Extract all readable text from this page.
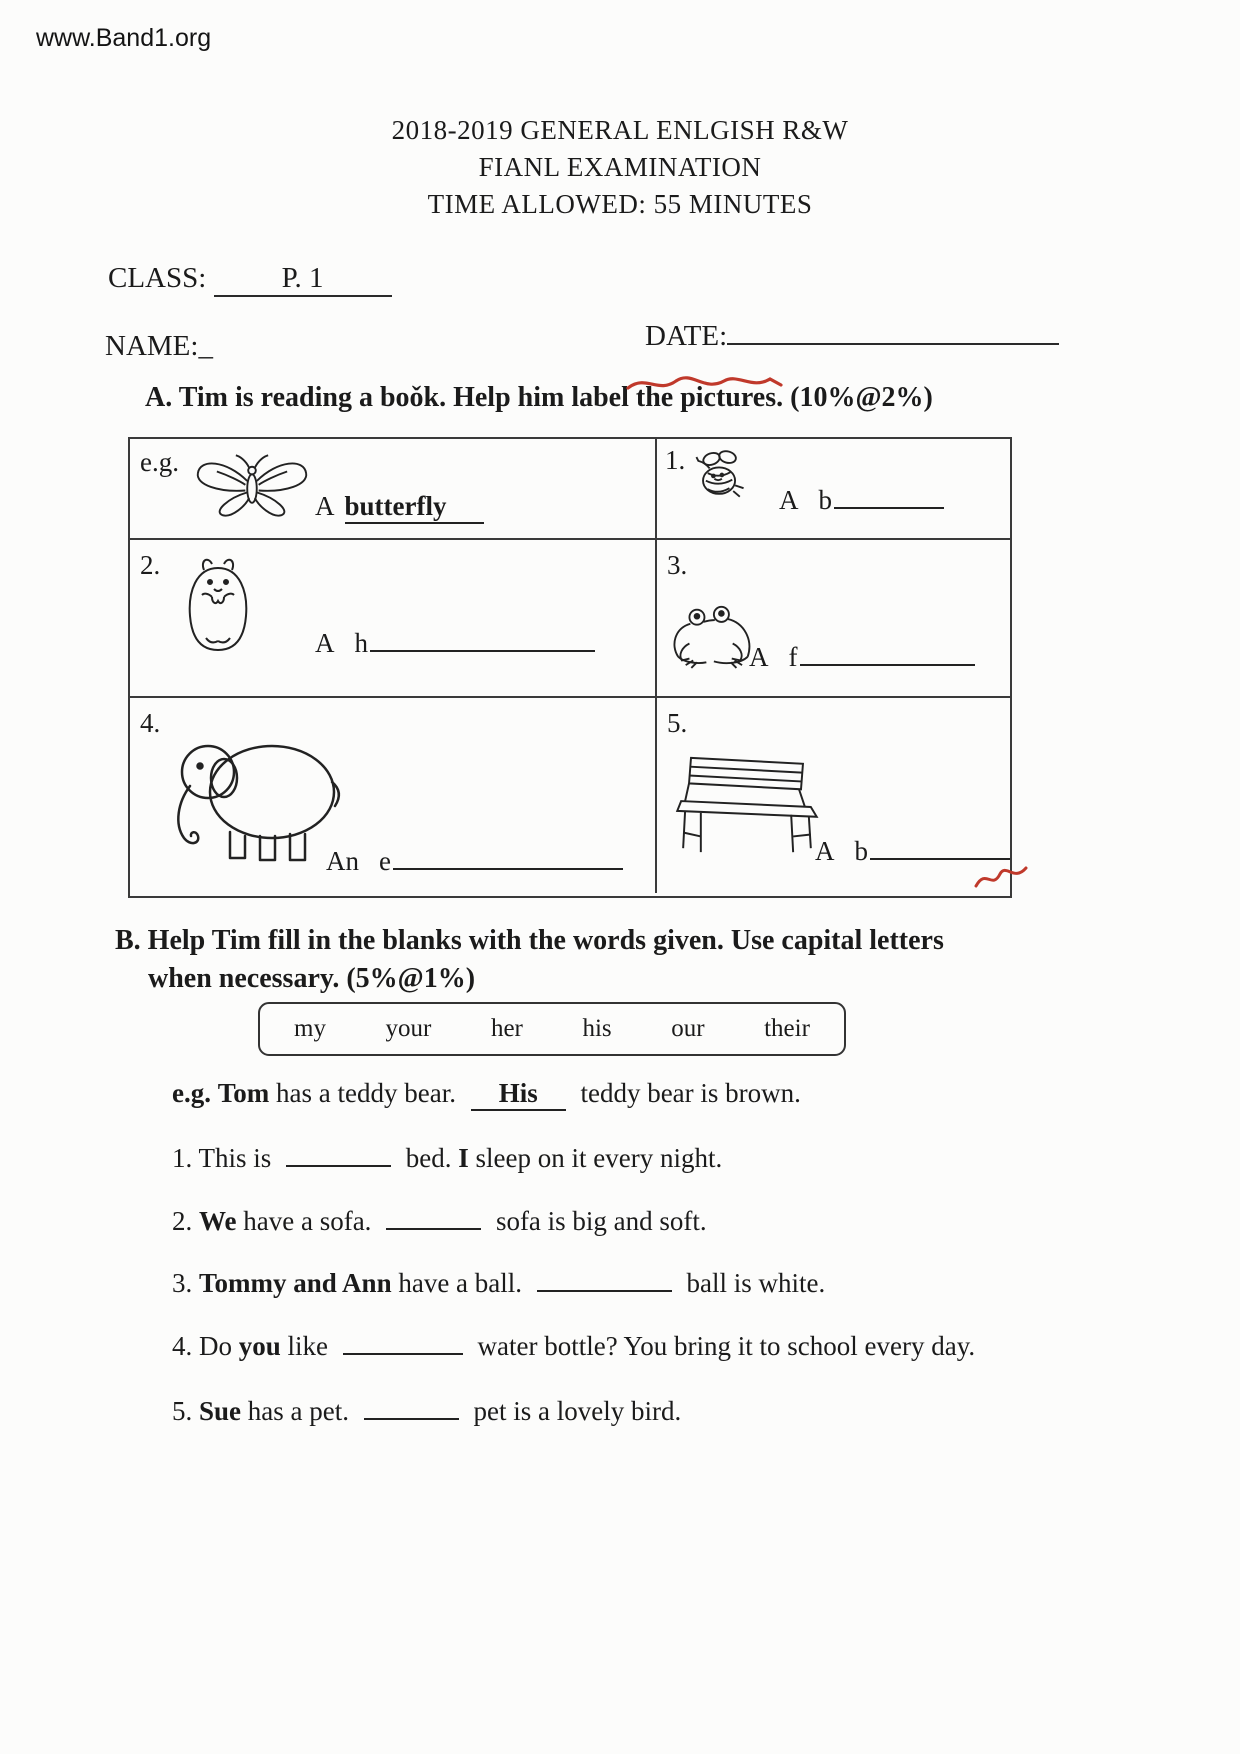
www.Band1.org
2018-2019 GENERAL ENLGISH R&W
FIANL EXAMINATION
TIME ALLOWED: 55 MINUTES
CLASS:	P. 1
NAME:_	DATE:
A. Tim is reading a boǒk. Help him label the pictures. (10%@2%)
e.g.
A butterfly
1.
A b
2.
A h
3.
A f
4.
An e
5.
A b
B. Help Tim fill in the blanks with the words given. Use capital letters
when necessary. (5%@1%)
my your her his our their
e.g. Tom has a teddy bear. His teddy bear is brown.
1. This is	bed. I sleep on it every night.
2. We have a sofa.	sofa is big and soft.
3. Tommy and Ann have a ball.	ball is white.
4. Do you like	water bottle? You bring it to school every day.
5. Sue has a pet.	pet is a lovely bird.
